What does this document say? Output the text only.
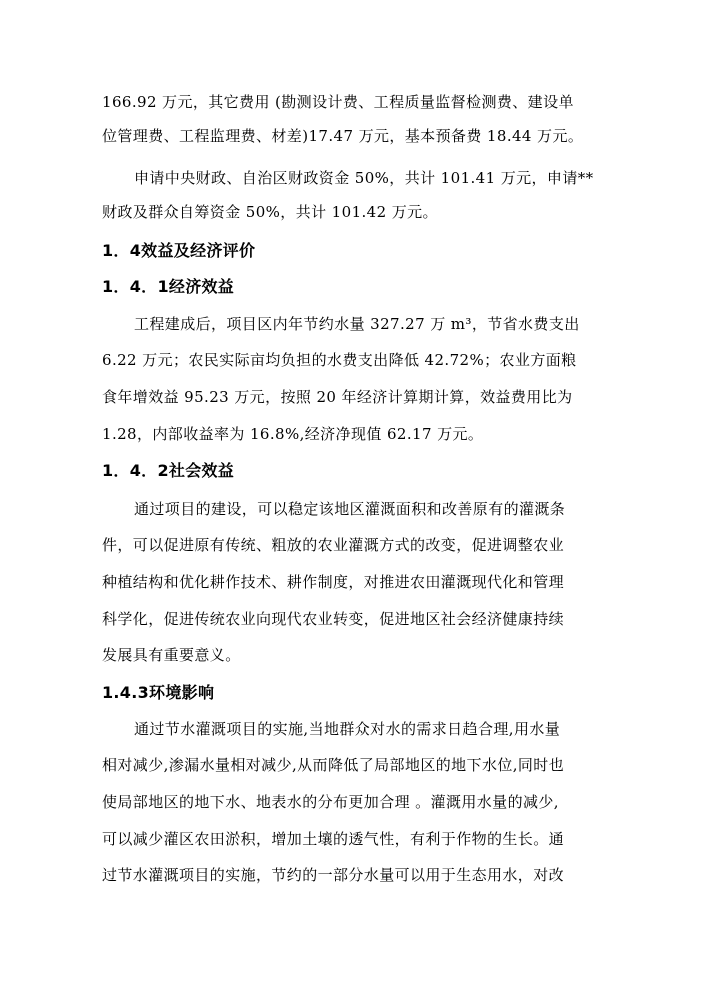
166.92 万元，其它费用 (勘测设计费、工程质量监督检测费、建设单
位管理费、工程监理费、材差)17.47 万元，基本预备费 18.44 万元。
申请中央财政、自治区财政资金 50%，共计 101.41 万元，申请**
财政及群众自筹资金 50%，共计 101.42 万元。
1．4效益及经济评价
1．4．1经济效益
工程建成后，项目区内年节约水量 327.27 万 m³，节省水费支出
6.22 万元；农民实际亩均负担的水费支出降低 42.72%；农业方面粮
食年增效益 95.23 万元，按照 20 年经济计算期计算，效益费用比为
1.28，内部收益率为 16.8%,经济净现值 62.17 万元。
1．4．2社会效益
通过项目的建设，可以稳定该地区灌溉面积和改善原有的灌溉条
件，可以促进原有传统、粗放的农业灌溉方式的改变，促进调整农业
种植结构和优化耕作技术、耕作制度，对推进农田灌溉现代化和管理
科学化，促进传统农业向现代农业转变，促进地区社会经济健康持续
发展具有重要意义。
1.4.3环境影响
通过节水灌溉项目的实施,当地群众对水的需求日趋合理,用水量
相对减少,渗漏水量相对减少,从而降低了局部地区的地下水位,同时也
使局部地区的地下水、地表水的分布更加合理 。灌溉用水量的减少,
可以减少灌区农田淤积，增加土壤的透气性，有利于作物的生长。通
过节水灌溉项目的实施，节约的一部分水量可以用于生态用水，对改
